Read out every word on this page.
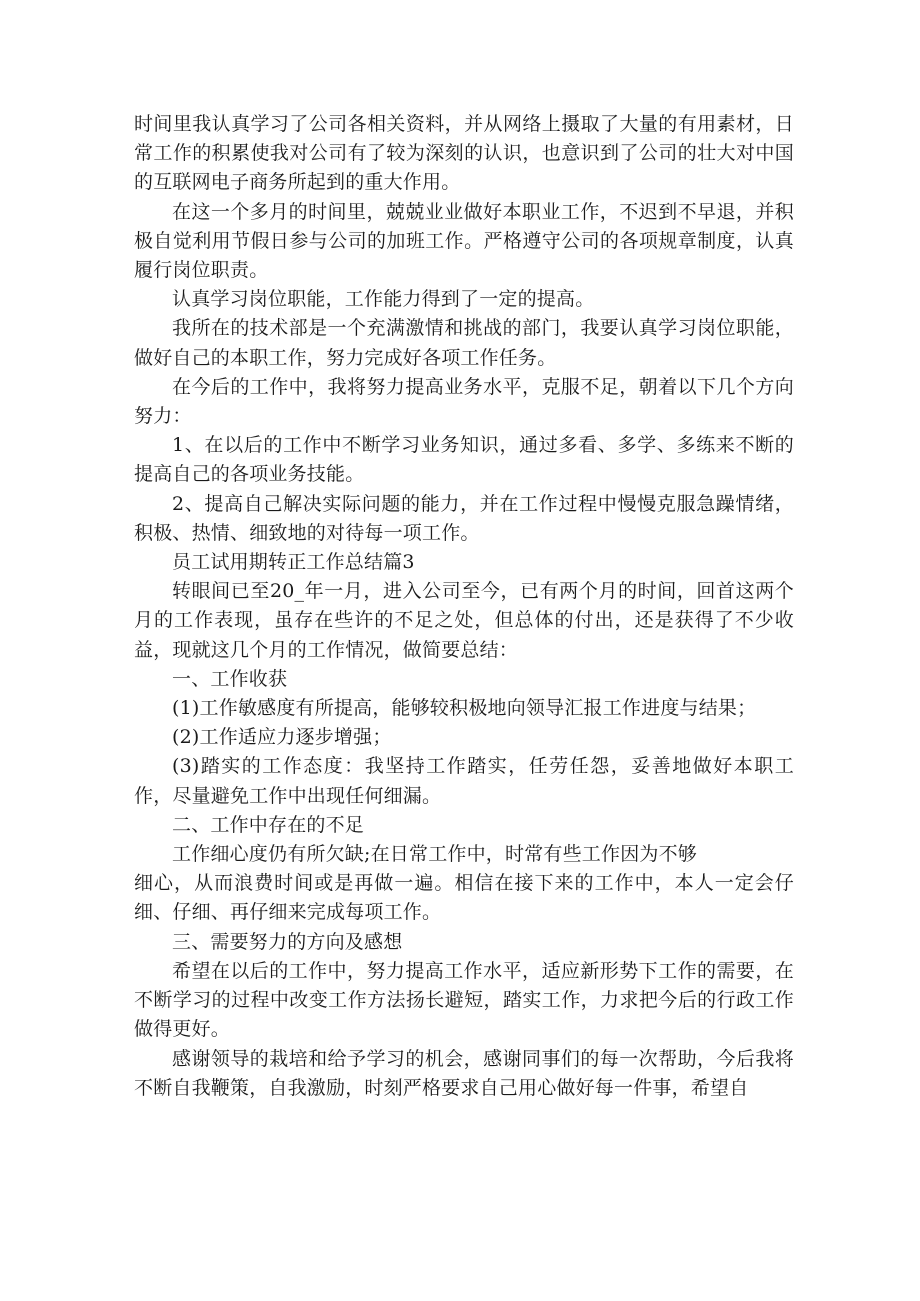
时间里我认真学习了公司各相关资料，并从网络上摄取了大量的有用素材，日常工作的积累使我对公司有了较为深刻的认识，也意识到了公司的壮大对中国的互联网电子商务所起到的重大作用。

在这一个多月的时间里，兢兢业业做好本职业工作，不迟到不早退，并积极自觉利用节假日参与公司的加班工作。严格遵守公司的各项规章制度，认真履行岗位职责。

认真学习岗位职能，工作能力得到了一定的提高。

我所在的技术部是一个充满激情和挑战的部门，我要认真学习岗位职能，做好自己的本职工作，努力完成好各项工作任务。

在今后的工作中，我将努力提高业务水平，克服不足，朝着以下几个方向努力：

1、在以后的工作中不断学习业务知识，通过多看、多学、多练来不断的提高自己的各项业务技能。

2、提高自己解决实际问题的能力，并在工作过程中慢慢克服急躁情绪，积极、热情、细致地的对待每一项工作。

员工试用期转正工作总结篇3

转眼间已至20_年一月，进入公司至今，已有两个月的时间，回首这两个月的工作表现，虽存在些许的不足之处，但总体的付出，还是获得了不少收益，现就这几个月的工作情况，做简要总结：

一、工作收获

(1)工作敏感度有所提高，能够较积极地向领导汇报工作进度与结果；

(2)工作适应力逐步增强；

(3)踏实的工作态度：我坚持工作踏实，任劳任怨，妥善地做好本职工作，尽量避免工作中出现任何细漏。

二、工作中存在的不足

工作细心度仍有所欠缺;在日常工作中，时常有些工作因为不够

细心，从而浪费时间或是再做一遍。相信在接下来的工作中，本人一定会仔细、仔细、再仔细来完成每项工作。

三、需要努力的方向及感想

希望在以后的工作中，努力提高工作水平，适应新形势下工作的需要，在不断学习的过程中改变工作方法扬长避短，踏实工作，力求把今后的行政工作做得更好。

感谢领导的栽培和给予学习的机会，感谢同事们的每一次帮助，今后我将不断自我鞭策，自我激励，时刻严格要求自己用心做好每一件事，希望自
